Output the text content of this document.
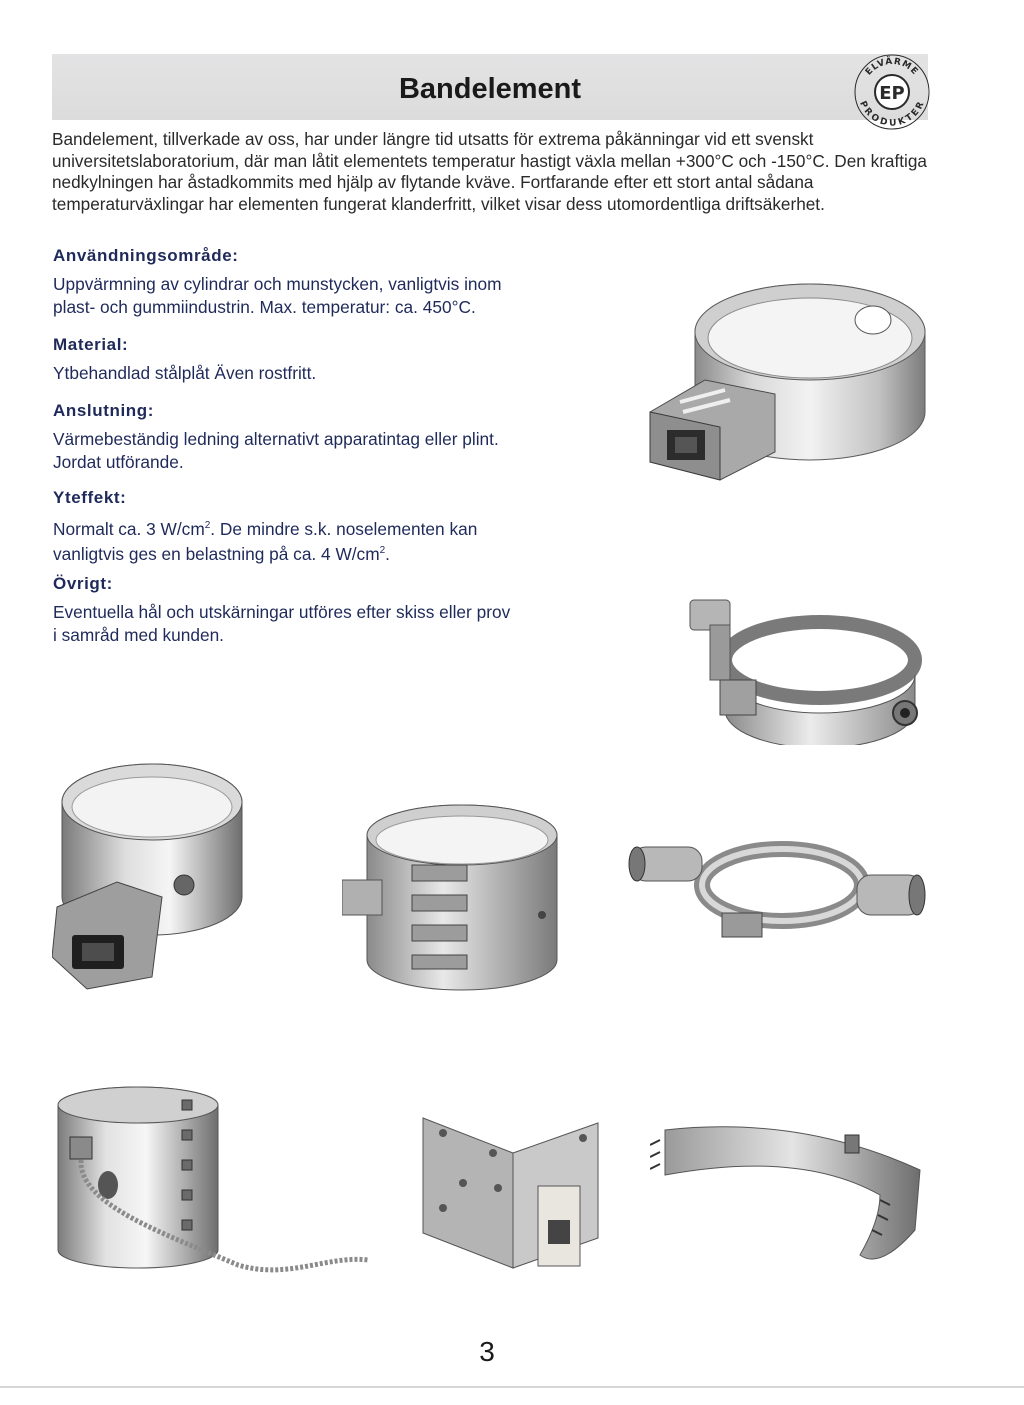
Bandelement
ELVÄRME
PRODUKTER
EP
Bandelement, tillverkade av oss, har under längre tid utsatts för extrema påkänningar vid ett svenskt universitetslaboratorium, där man låtit elementets temperatur hastigt växla mellan +300°C och -150°C. Den kraftiga nedkylningen har åstadkommits med hjälp av flytande kväve. Fortfarande efter ett stort antal sådana temperaturväxlingar har elementen fungerat klanderfritt, vilket visar dess utomordentliga driftsäkerhet.
Användningsområde:

Uppvärmning av cylindrar och munstycken, vanligtvis inom

plast- och gummiindustrin. Max. temperatur: ca. 450°C.

Material:

Ytbehandlad stålplåt Även rostfritt.

Anslutning:

Värmebeständig ledning alternativt apparatintag eller plint.

Jordat utförande.

Yteffekt:

Normalt ca. 3 $W/cm^2$. De mindre s.k. noselementen kan

vanligtvis ges en belastning på ca. 4 $W/cm^2$.

Övrigt:

Eventuella hål och utskärningar utföres efter skiss eller prov

i samråd med kunden.

3
